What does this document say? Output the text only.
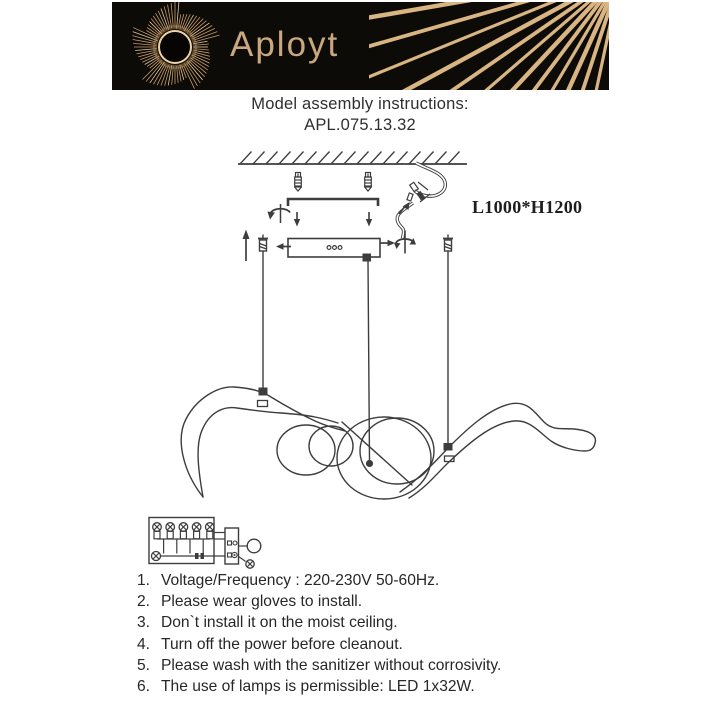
Aployt
Model assembly instructions:
APL.075.13.32
L1000*H1200
1. Voltage/Frequency : 220-230V 50-60Hz.
2. Please wear gloves to install.
3. Don`t install it on the moist ceiling.
4. Turn off the power before cleanout.
5. Please wash with the sanitizer without corrosivity.
6. The use of lamps is permissible: LED 1x32W.
